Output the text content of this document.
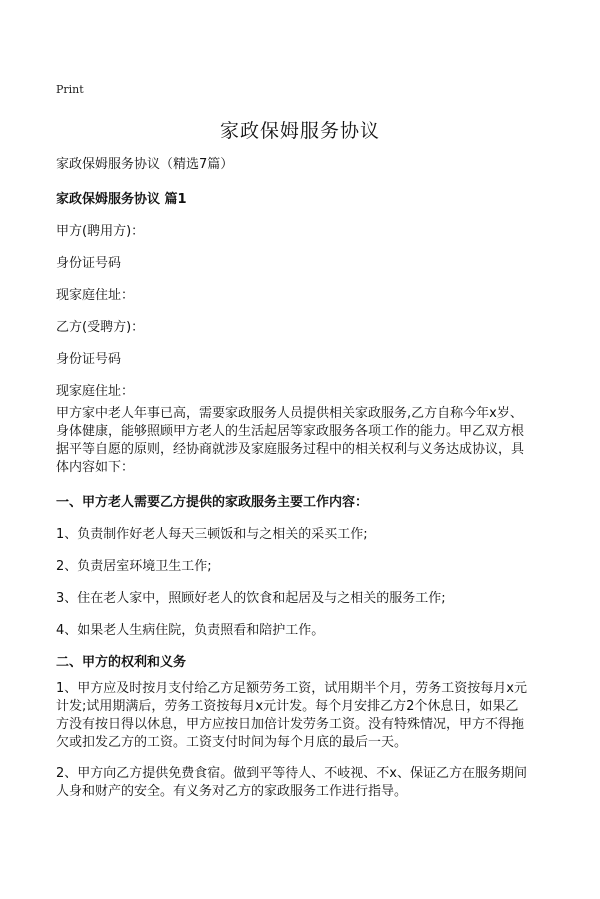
Print
家政保姆服务协议
家政保姆服务协议（精选7篇）
家政保姆服务协议 篇1
甲方(聘用方)：
身份证号码
现家庭住址：
乙方(受聘方)：
身份证号码
现家庭住址：
甲方家中老人年事已高，需要家政服务人员提供相关家政服务,乙方自称今年x岁、
身体健康，能够照顾甲方老人的生活起居等家政服务各项工作的能力。甲乙双方根
据平等自愿的原则，经协商就涉及家庭服务过程中的相关权利与义务达成协议，具
体内容如下：
一、甲方老人需要乙方提供的家政服务主要工作内容：
1、负责制作好老人每天三顿饭和与之相关的采买工作;
2、负责居室环境卫生工作;
3、住在老人家中，照顾好老人的饮食和起居及与之相关的服务工作;
4、如果老人生病住院，负责照看和陪护工作。
二、甲方的权利和义务
1、甲方应及时按月支付给乙方足额劳务工资，试用期半个月，劳务工资按每月x元
计发;试用期满后，劳务工资按每月x元计发。每个月安排乙方2个休息日，如果乙
方没有按日得以休息，甲方应按日加倍计发劳务工资。没有特殊情况，甲方不得拖
欠或扣发乙方的工资。工资支付时间为每个月底的最后一天。
2、甲方向乙方提供免费食宿。做到平等待人、不岐视、不x、保证乙方在服务期间
人身和财产的安全。有义务对乙方的家政服务工作进行指导。
